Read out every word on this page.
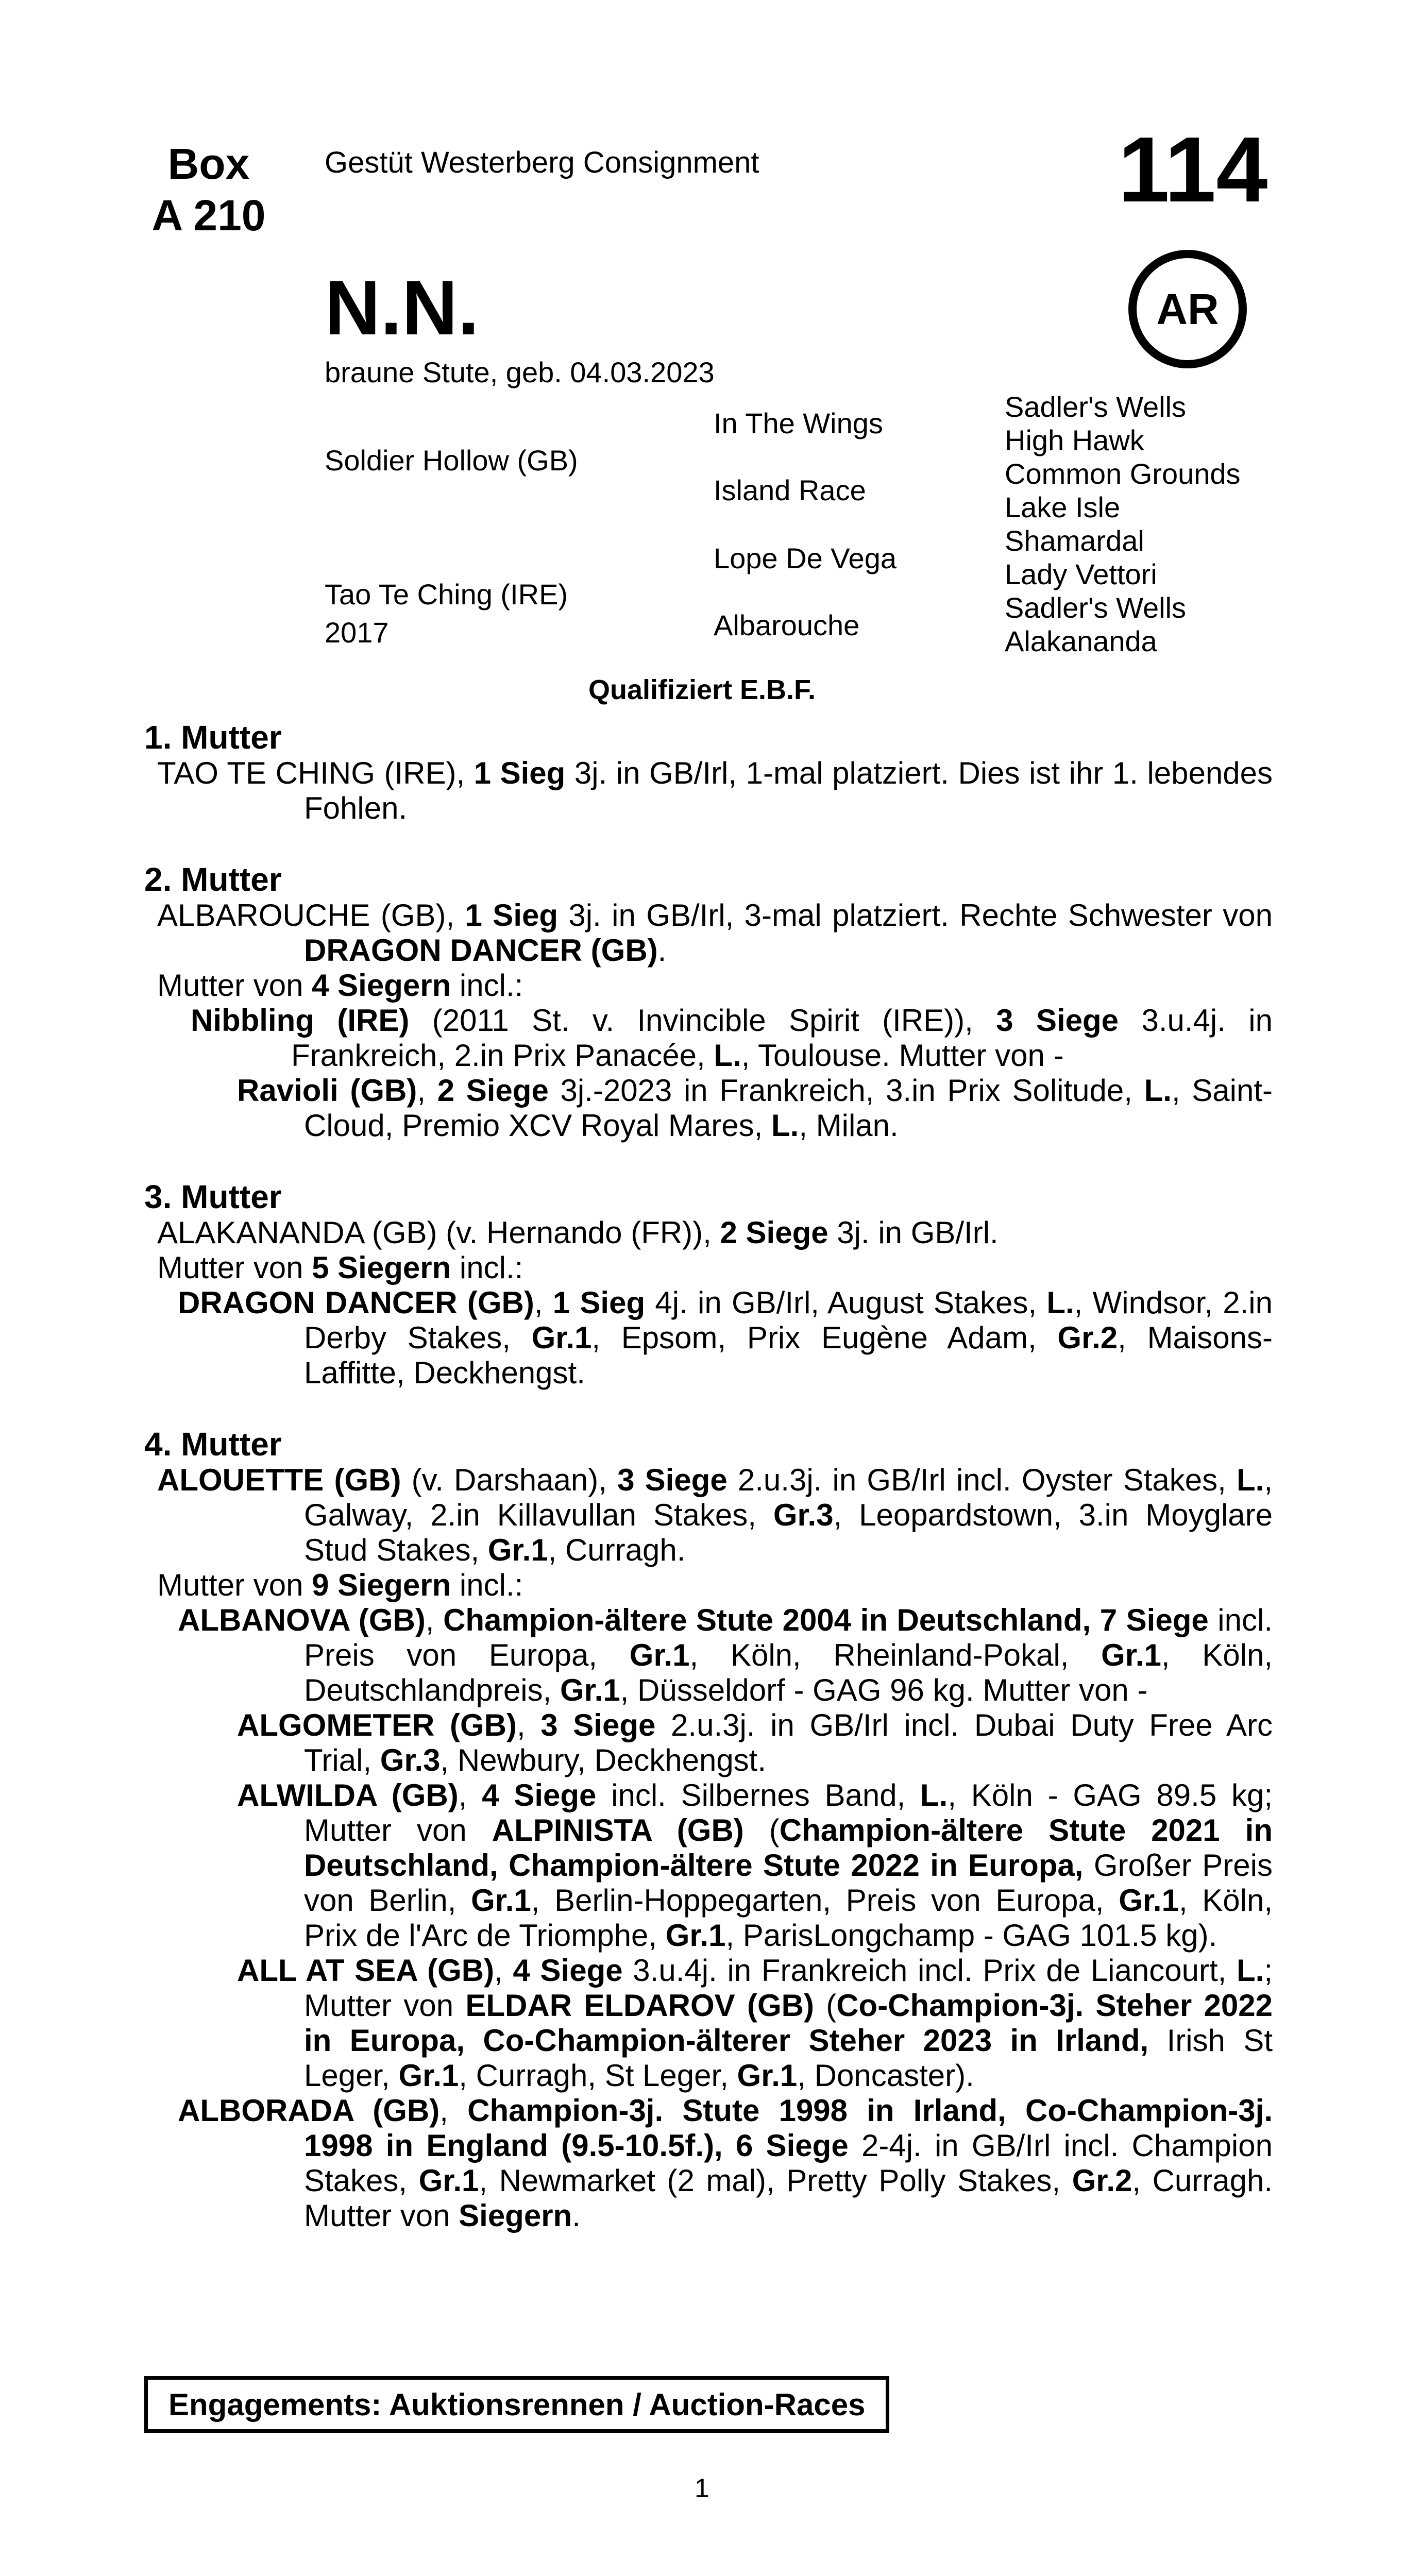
Box
A 210
Gestüt Westerberg Consignment	114
AR
N.N.
braune Stute, geb. 04.03.2023
Soldier Hollow (GB)
Tao Te Ching (IRE)
2017
In The Wings
Island Race
Lope De Vega
Albarouche
Sadler's Wells
High Hawk
Common Grounds
Lake Isle
Shamardal
Lady Vettori
Sadler's Wells
Alakananda
Qualifiziert E.B.F.
1. Mutter
TAO TE CHING (IRE), 1 Sieg 3j. in GB/Irl, 1-mal platziert. Dies ist ihr 1. lebendes Fohlen.
2. Mutter
ALBAROUCHE (GB), 1 Sieg 3j. in GB/Irl, 3-mal platziert. Rechte Schwester von DRAGON DANCER (GB).
Mutter von 4 Siegern incl.:
Nibbling (IRE) (2011 St. v. Invincible Spirit (IRE)), 3 Siege 3.u.4j. in Frankreich, 2.in Prix Panacée, L., Toulouse. Mutter von -
Ravioli (GB), 2 Siege 3j.-2023 in Frankreich, 3.in Prix Solitude, L., Saint-Cloud, Premio XCV Royal Mares, L., Milan.
3. Mutter
ALAKANANDA (GB) (v. Hernando (FR)), 2 Siege 3j. in GB/Irl.
Mutter von 5 Siegern incl.:
DRAGON DANCER (GB), 1 Sieg 4j. in GB/Irl, August Stakes, L., Windsor, 2.in Derby Stakes, Gr.1, Epsom, Prix Eugène Adam, Gr.2, Maisons-Laffitte, Deckhengst.
4. Mutter
ALOUETTE (GB) (v. Darshaan), 3 Siege 2.u.3j. in GB/Irl incl. Oyster Stakes, L., Galway, 2.in Killavullan Stakes, Gr.3, Leopardstown, 3.in Moyglare Stud Stakes, Gr.1, Curragh.
Mutter von 9 Siegern incl.:
ALBANOVA (GB), Champion-ältere Stute 2004 in Deutschland, 7 Siege incl. Preis von Europa, Gr.1, Köln, Rheinland-Pokal, Gr.1, Köln, Deutschlandpreis, Gr.1, Düsseldorf - GAG 96 kg. Mutter von -
ALGOMETER (GB), 3 Siege 2.u.3j. in GB/Irl incl. Dubai Duty Free Arc Trial, Gr.3, Newbury, Deckhengst.
ALWILDA (GB), 4 Siege incl. Silbernes Band, L., Köln - GAG 89.5 kg; Mutter von ALPINISTA (GB) (Champion-ältere Stute 2021 in Deutschland, Champion-ältere Stute 2022 in Europa, Großer Preis von Berlin, Gr.1, Berlin-Hoppegarten, Preis von Europa, Gr.1, Köln, Prix de l'Arc de Triomphe, Gr.1, ParisLongchamp - GAG 101.5 kg).
ALL AT SEA (GB), 4 Siege 3.u.4j. in Frankreich incl. Prix de Liancourt, L.; Mutter von ELDAR ELDAROV (GB) (Co-Champion-3j. Steher 2022 in Europa, Co-Champion-älterer Steher 2023 in Irland, Irish St Leger, Gr.1, Curragh, St Leger, Gr.1, Doncaster).
ALBORADA (GB), Champion-3j. Stute 1998 in Irland, Co-Champion-3j. 1998 in England (9.5-10.5f.), 6 Siege 2-4j. in GB/Irl incl. Champion Stakes, Gr.1, Newmarket (2 mal), Pretty Polly Stakes, Gr.2, Curragh. Mutter von Siegern.
Engagements: Auktionsrennen / Auction-Races
1
